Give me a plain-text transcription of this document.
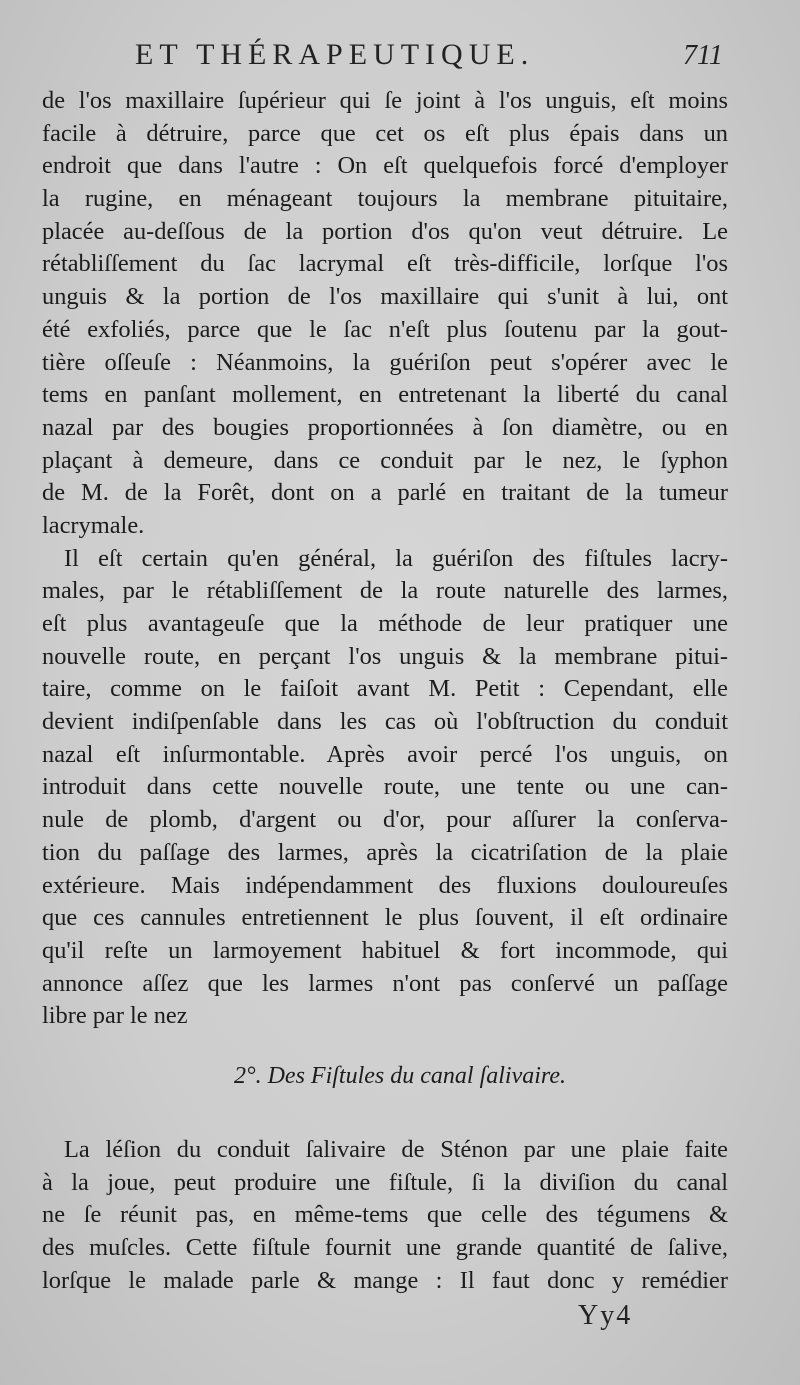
ET THÉRAPEUTIQUE.	711
de l'os maxillaire ſupérieur qui ſe joint à l'os unguis, eſt moins
facile à détruire, parce que cet os eſt plus épais dans un
endroit que dans l'autre : On eſt quelquefois forcé d'employer
la rugine, en ménageant toujours la membrane pituitaire,
placée au-deſſous de la portion d'os qu'on veut détruire. Le
rétabliſſement du ſac lacrymal eſt très-difficile, lorſque l'os
unguis & la portion de l'os maxillaire qui s'unit à lui, ont
été exfoliés, parce que le ſac n'eſt plus ſoutenu par la gout-
tière oſſeuſe : Néanmoins, la guériſon peut s'opérer avec le
tems en panſant mollement, en entretenant la liberté du canal
nazal par des bougies proportionnées à ſon diamètre, ou en
plaçant à demeure, dans ce conduit par le nez, le ſyphon
de M. de la Forêt, dont on a parlé en traitant de la tumeur
lacrymale.
Il eſt certain qu'en général, la guériſon des fiſtules lacry-
males, par le rétabliſſement de la route naturelle des larmes,
eſt plus avantageuſe que la méthode de leur pratiquer une
nouvelle route, en perçant l'os unguis & la membrane pitui-
taire, comme on le faiſoit avant M. Petit : Cependant, elle
devient indiſpenſable dans les cas où l'obſtruction du conduit
nazal eſt inſurmontable. Après avoir percé l'os unguis, on
introduit dans cette nouvelle route, une tente ou une can-
nule de plomb, d'argent ou d'or, pour aſſurer la conſerva-
tion du paſſage des larmes, après la cicatriſation de la plaie
extérieure. Mais indépendamment des fluxions douloureuſes
que ces cannules entretiennent le plus ſouvent, il eſt ordinaire
qu'il reſte un larmoyement habituel & fort incommode, qui
annonce aſſez que les larmes n'ont pas conſervé un paſſage
libre par le nez
2°. Des Fiſtules du canal ſalivaire.
La léſion du conduit ſalivaire de Sténon par une plaie faite
à la joue, peut produire une fiſtule, ſi la diviſion du canal
ne ſe réunit pas, en même-tems que celle des tégumens &
des muſcles. Cette fiſtule fournit une grande quantité de ſalive,
lorſque le malade parle & mange : Il faut donc y remédier
Yy4
